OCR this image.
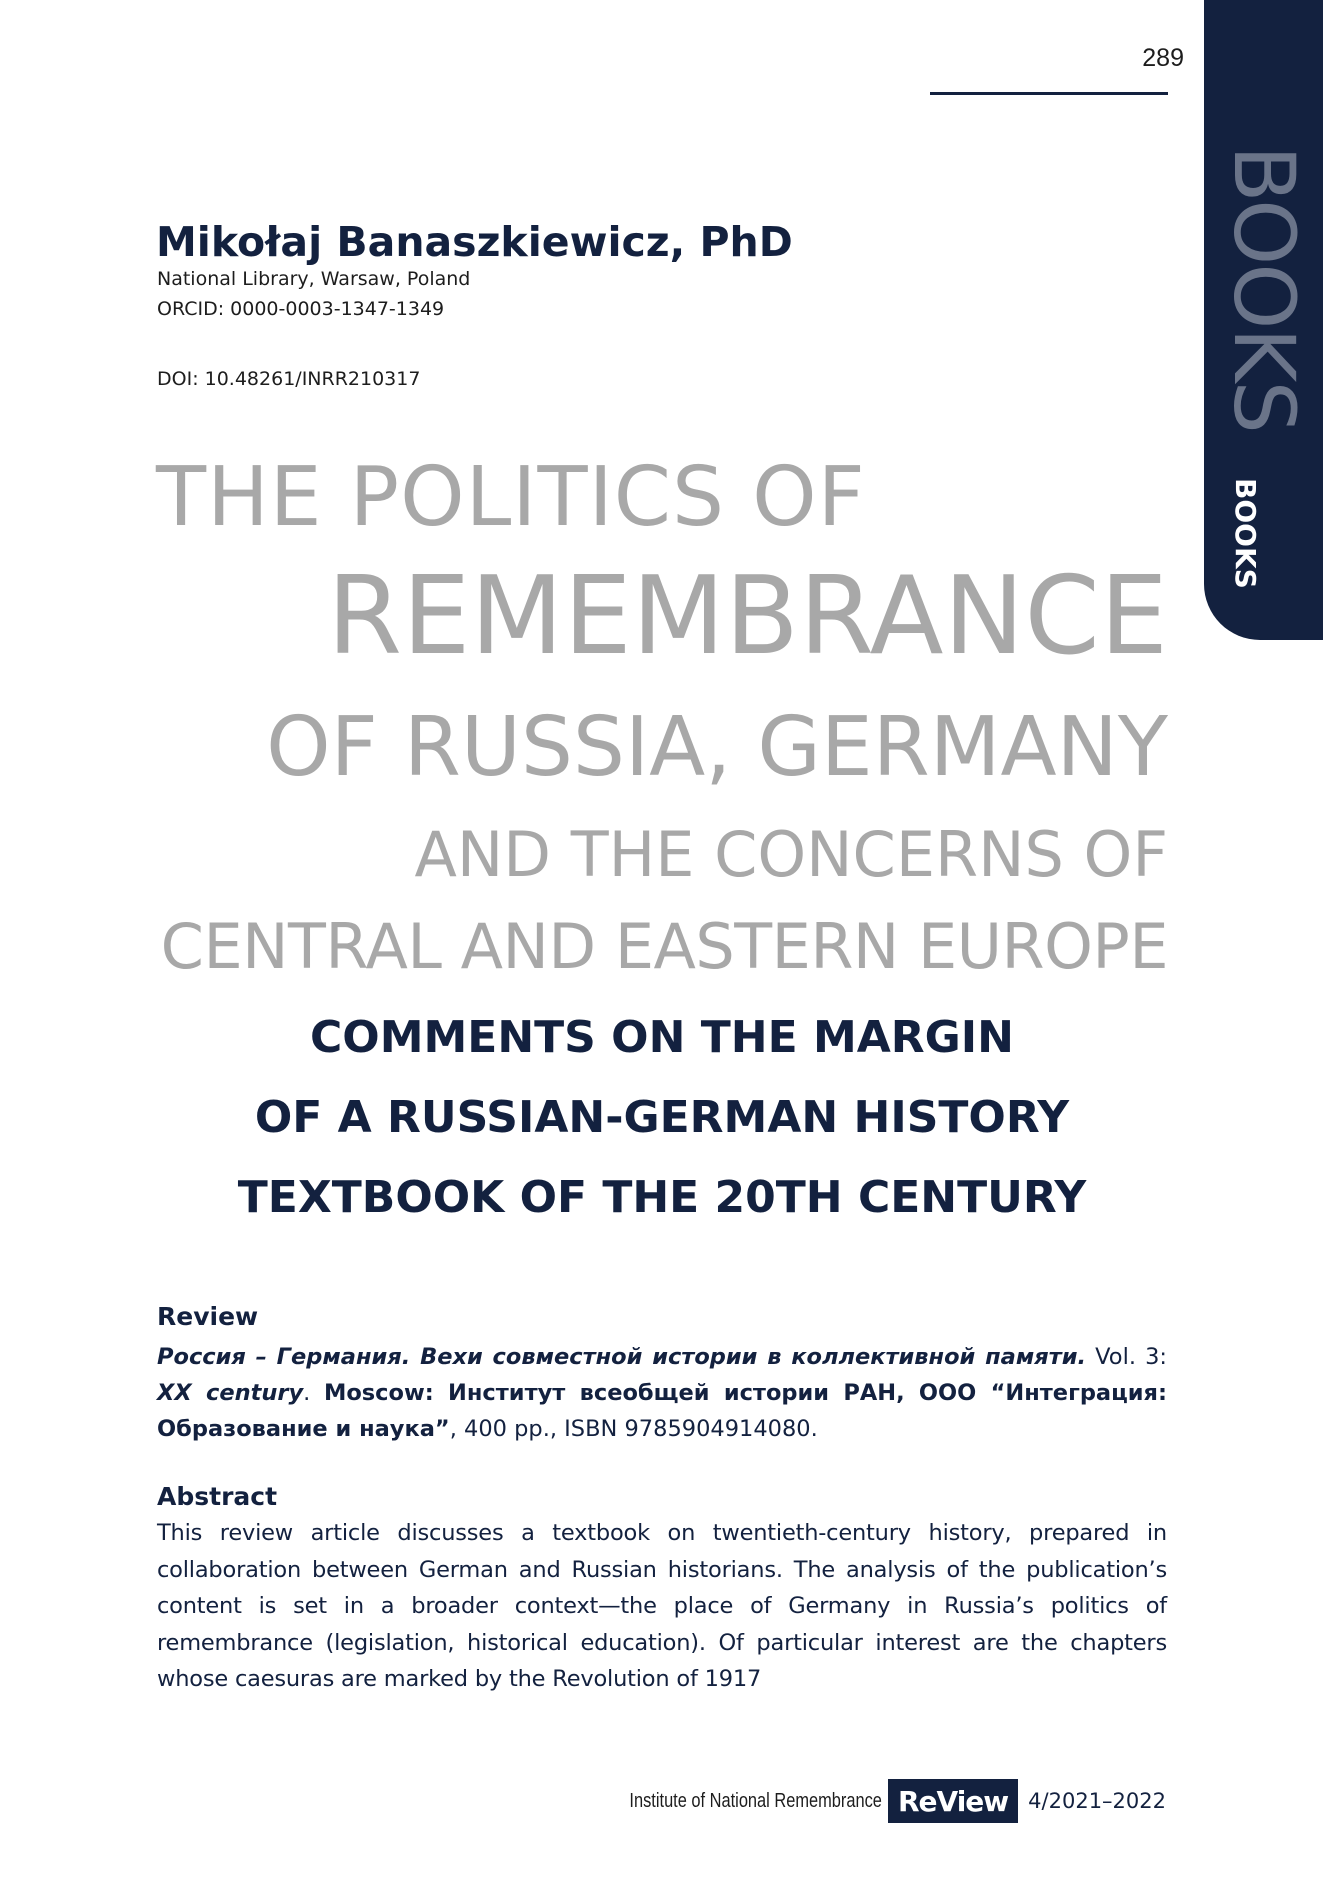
289
BOOKS
BOOKS
Mikołaj Banaszkiewicz, PhD
National Library, Warsaw, Poland
ORCID: 0000-0003-1347-1349
DOI: 10.48261/INRR210317
THE POLITICS OF
REMEMBRANCE
OF RUSSIA, GERMANY
AND THE CONCERNS OF
CENTRAL AND EASTERN EUROPE
COMMENTS ON THE MARGIN
OF A RUSSIAN-GERMAN HISTORY
TEXTBOOK OF THE 20TH CENTURY
Review
Россия – Германия. Вехи совместной истории в коллективной памяти. Vol. 3: XX century. Moscow: Институт всеобщей истории РАН, ООО “Интеграция: Образование и наука”, 400 pp., ISBN 9785904914080.
Abstract
This review article discusses a textbook on twentieth-century history, prepared in collaboration between German and Russian historians. The analysis of the publication’s content is set in a broader context—the place of Germany in Russia’s politics of remembrance (legislation, historical education). Of particular interest are the chapters whose caesuras are marked by the Revolution of 1917
Institute of National Remembrance ReView 4/2021–2022
